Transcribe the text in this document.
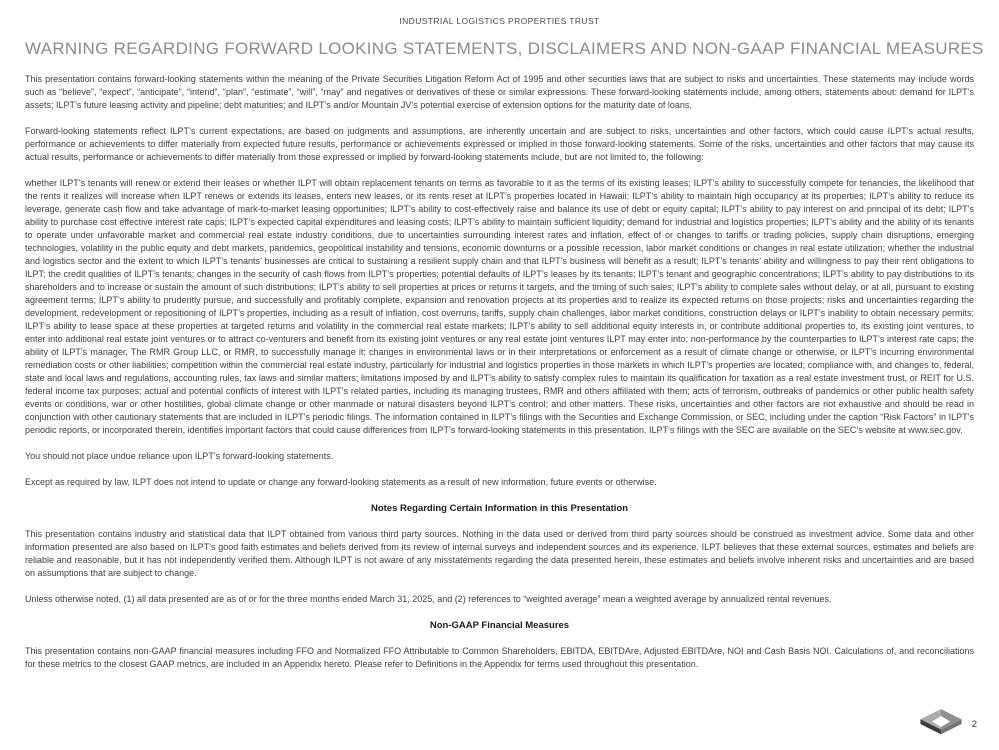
INDUSTRIAL LOGISTICS PROPERTIES TRUST
WARNING REGARDING FORWARD LOOKING STATEMENTS, DISCLAIMERS AND NON-GAAP FINANCIAL MEASURES

This presentation contains forward-looking statements within the meaning of the Private Securities Litigation Reform Act of 1995 and other securities laws that are subject to risks and uncertainties. These statements may include words such as “believe”, “expect”, “anticipate”, “intend”, “plan”, “estimate”, “will”, “may” and negatives or derivatives of these or similar expressions. These forward-looking statements include, among others, statements about: demand for ILPT’s assets; ILPT’s future leasing activity and pipeline; debt maturities; and ILPT’s and/or Mountain JV’s potential exercise of extension options for the maturity date of loans.

Forward-looking statements reflect ILPT’s current expectations, are based on judgments and assumptions, are inherently uncertain and are subject to risks, uncertainties and other factors, which could cause ILPT’s actual results, performance or achievements to differ materially from expected future results, performance or achievements expressed or implied in those forward-looking statements. Some of the risks, uncertainties and other factors that may cause its actual results, performance or achievements to differ materially from those expressed or implied by forward-looking statements include, but are not limited to, the following:

whether ILPT’s tenants will renew or extend their leases or whether ILPT will obtain replacement tenants on terms as favorable to it as the terms of its existing leases; ILPT’s ability to successfully compete for tenancies, the likelihood that the rents it realizes will increase when ILPT renews or extends its leases, enters new leases, or its rents reset at ILPT’s properties located in Hawaii; ILPT’s ability to maintain high occupancy at its properties; ILPT’s ability to reduce its leverage, generate cash flow and take advantage of mark-to-market leasing opportunities; ILPT’s ability to cost-effectively raise and balance its use of debt or equity capital; ILPT’s ability to pay interest on and principal of its debt; ILPT’s ability to purchase cost effective interest rate caps; ILPT’s expected capital expenditures and leasing costs; ILPT’s ability to maintain sufficient liquidity; demand for industrial and logistics properties; ILPT’s ability and the ability of its tenants to operate under unfavorable market and commercial real estate industry conditions, due to uncertainties surrounding interest rates and inflation, effect of or changes to tariffs or trading policies, supply chain disruptions, emerging technologies, volatility in the public equity and debt markets, pandemics, geopolitical instability and tensions, economic downturns or a possible recession, labor market conditions or changes in real estate utilization; whether the industrial and logistics sector and the extent to which ILPT’s tenants’ businesses are critical to sustaining a resilient supply chain and that ILPT’s business will benefit as a result; ILPT’s tenants’ ability and willingness to pay their rent obligations to ILPT; the credit qualities of ILPT’s tenants; changes in the security of cash flows from ILPT’s properties; potential defaults of ILPT’s leases by its tenants; ILPT’s tenant and geographic concentrations; ILPT’s ability to pay distributions to its shareholders and to increase or sustain the amount of such distributions; ILPT’s ability to sell properties at prices or returns it targets, and the timing of such sales; ILPT’s ability to complete sales without delay, or at all, pursuant to existing agreement terms; ILPT’s ability to prudently pursue, and successfully and profitably complete, expansion and renovation projects at its properties and to realize its expected returns on those projects; risks and uncertainties regarding the development, redevelopment or repositioning of ILPT’s properties, including as a result of inflation, cost overruns, tariffs, supply chain challenges, labor market conditions, construction delays or ILPT’s inability to obtain necessary permits; ILPT’s ability to lease space at these properties at targeted returns and volatility in the commercial real estate markets; ILPT’s ability to sell additional equity interests in, or contribute additional properties to, its existing joint ventures, to enter into additional real estate joint ventures or to attract co-venturers and benefit from its existing joint ventures or any real estate joint ventures ILPT may enter into; non-performance by the counterparties to ILPT’s interest rate caps; the ability of ILPT’s manager, The RMR Group LLC, or RMR, to successfully manage it; changes in environmental laws or in their interpretations or enforcement as a result of climate change or otherwise, or ILPT’s incurring environmental remediation costs or other liabilities; competition within the commercial real estate industry, particularly for industrial and logistics properties in those markets in which ILPT’s properties are located; compliance with, and changes to, federal, state and local laws and regulations, accounting rules, tax laws and similar matters; limitations imposed by and ILPT’s ability to satisfy complex rules to maintain its qualification for taxation as a real estate investment trust, or REIT for U.S. federal income tax purposes; actual and potential conflicts of interest with ILPT’s related parties, including its managing trustees, RMR and others affiliated with them; acts of terrorism, outbreaks of pandemics or other public health safety events or conditions, war or other hostilities, global climate change or other manmade or natural disasters beyond ILPT’s control; and other matters. These risks, uncertainties and other factors are not exhaustive and should be read in conjunction with other cautionary statements that are included in ILPT’s periodic filings. The information contained in ILPT’s filings with the Securities and Exchange Commission, or SEC, including under the caption “Risk Factors” in ILPT’s periodic reports, or incorporated therein, identifies important factors that could cause differences from ILPT’s forward-looking statements in this presentation. ILPT’s filings with the SEC are available on the SEC’s website at www.sec.gov.

You should not place undue reliance upon ILPT’s forward-looking statements.

Except as required by law, ILPT does not intend to update or change any forward-looking statements as a result of new information, future events or otherwise.

Notes Regarding Certain Information in this Presentation

This presentation contains industry and statistical data that ILPT obtained from various third party sources. Nothing in the data used or derived from third party sources should be construed as investment advice. Some data and other information presented are also based on ILPT’s good faith estimates and beliefs derived from its review of internal surveys and independent sources and its experience. ILPT believes that these external sources, estimates and beliefs are reliable and reasonable, but it has not independently verified them. Although ILPT is not aware of any misstatements regarding the data presented herein, these estimates and beliefs involve inherent risks and uncertainties and are based on assumptions that are subject to change.

Unless otherwise noted, (1) all data presented are as of or for the three months ended March 31, 2025, and (2) references to “weighted average” mean a weighted average by annualized rental revenues.

Non-GAAP Financial Measures

This presentation contains non-GAAP financial measures including FFO and Normalized FFO Attributable to Common Shareholders, EBITDA, EBITDAre, Adjusted EBITDAre, NOI and Cash Basis NOI. Calculations of, and reconciliations for these metrics to the closest GAAP metrics, are included in an Appendix hereto. Please refer to Definitions in the Appendix for terms used throughout this presentation.

2
